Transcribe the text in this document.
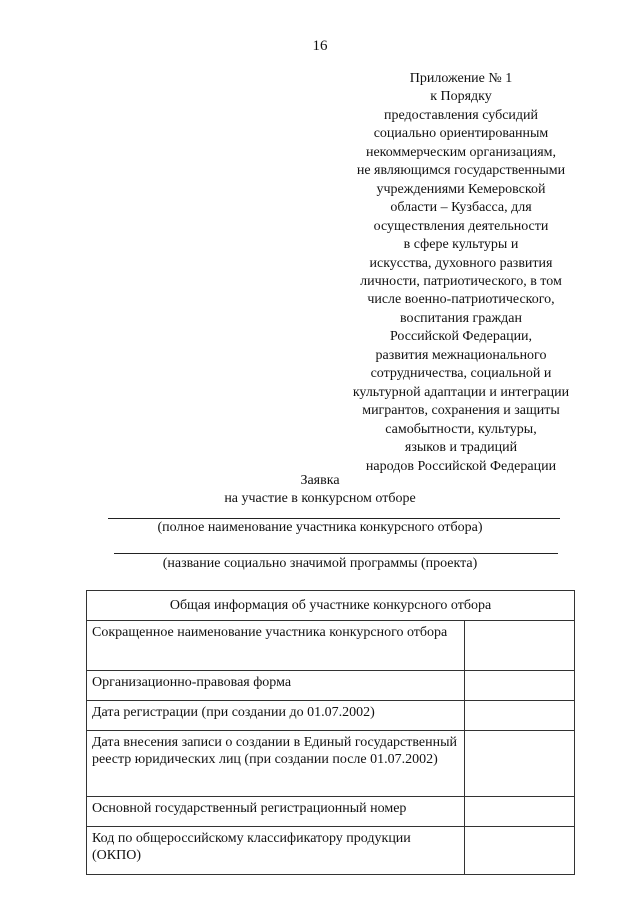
16
Приложение № 1
к Порядку
предоставления субсидий
социально ориентированным
некоммерческим организациям,
не являющимся государственными
учреждениями Кемеровской
области – Кузбасса, для
осуществления деятельности
в сфере культуры и
искусства, духовного развития
личности, патриотического, в том
числе военно-патриотического,
воспитания граждан
Российской Федерации,
развития межнационального
сотрудничества, социальной и
культурной адаптации и интеграции
мигрантов, сохранения и защиты
самобытности, культуры,
языков и традиций
народов Российской Федерации
Заявка
на участие в конкурсном отборе
(полное наименование участника конкурсного отбора)
(название социально значимой программы (проекта)
Общая информация об участнике конкурсного отбора	
Сокращенное наименование участника конкурсного отбора	
Организационно-правовая форма	
Дата регистрации (при создании до 01.07.2002)	
Дата внесения записи о создании в Единый государственный реестр юридических лиц (при создании после 01.07.2002)	
Основной государственный регистрационный номер	
Код по общероссийскому классификатору продукции (ОКПО)	
